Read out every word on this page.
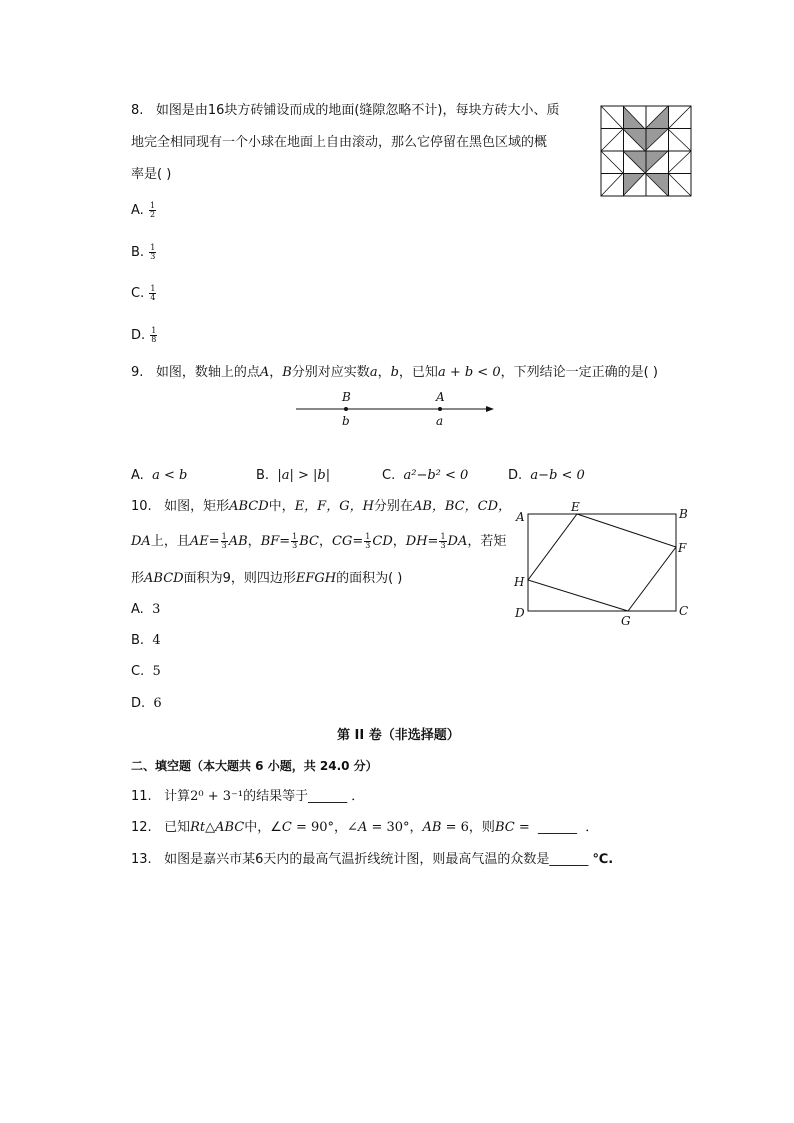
8. 如图是由16块方砖铺设而成的地面(缝隙忽略不计)，每块方砖大小、质
地完全相同现有一个小球在地面上自由滚动，那么它停留在黑色区域的概
率是( )
A. $\frac{1}{2}$
B. $\frac{1}{3}$
C. $\frac{1}{4}$
D. $\frac{1}{8}$
9. 如图，数轴上的点A，B分别对应实数a，b，已知a + b < 0，下列结论一定正确的是( )
B	A
b	a
A. a < b	B. |a| > |b|	C. a²−b² < 0	D. a−b < 0
10. 如图，矩形ABCD中，E，F，G，H分别在AB，BC，CD，
DA上，且$AE= \frac{1}{3}$ AB，$BF= \frac{1}{3}$ BC，$CG= \frac{1}{3}$ CD，$DH= \frac{1}{3}$ DA，若矩
形ABCD面积为9，则四边形EFGH的面积为( )
A	B
C
D
E
F
G
H
A. 3
B. 4
C. 5
D. 6
第 II 卷（非选择题）
二、填空题（本大题共 6 小题，共 24.0 分）
11. 计算2⁰ + 3⁻¹的结果等于______ ．
12. 已知Rt△ABC中，∠C = 90°，∠A = 30°，AB = 6，则BC = ______ ．
13. 如图是嘉兴市某6天内的最高气温折线统计图，则最高气温的众数是______ ℃.
